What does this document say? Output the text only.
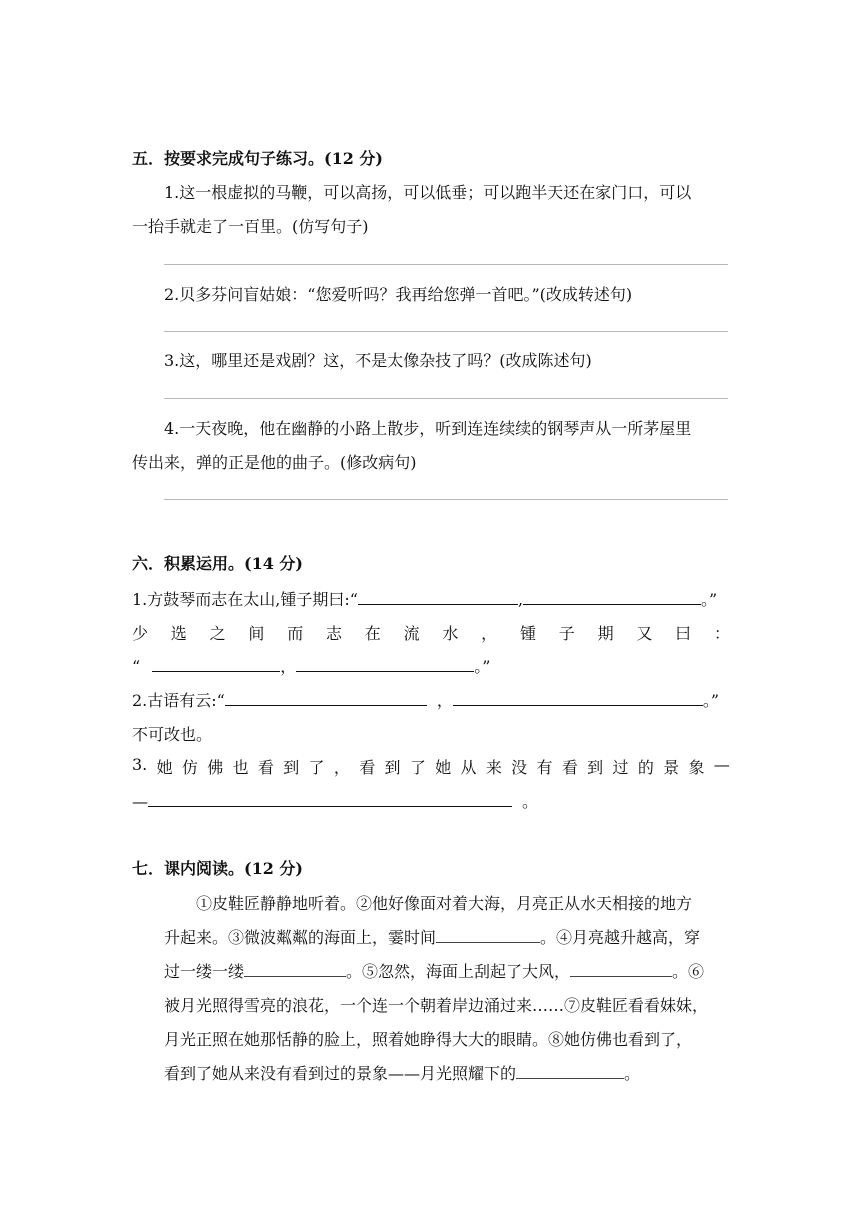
五．按要求完成句子练习。(12 分)
1.这一根虚拟的马鞭，可以高扬，可以低垂；可以跑半天还在家门口，可以
一抬手就走了一百里。(仿写句子)
2.贝多芬问盲姑娘：“您爱听吗？我再给您弹一首吧。”(改成转述句)
3.这，哪里还是戏剧？这，不是太像杂技了吗？(改成陈述句)
4.一天夜晚，他在幽静的小路上散步，听到连连续续的钢琴声从一所茅屋里
传出来，弹的正是他的曲子。(修改病句)
六．积累运用。(14 分)
1.方鼓琴而志在太山,锺子期曰:“	,	。”
少 选 之 间 而 志 在 流 水 ， 锺 子 期 又 曰 ：
“	，	。”
2.古语有云:“	，	。”
不可改也。
3. 她 仿 佛 也 看 到 了 ， 看 到 了 她 从 来 没 有 看 到 过 的 景 象 —
—	。
七．课内阅读。(12 分)
①皮鞋匠静静地听着。②他好像面对着大海，月亮正从水天相接的地方
升起来。③微波粼粼的海面上，霎时间	。④月亮越升越高，穿
过一缕一缕	。⑤忽然，海面上刮起了大风，	。⑥
被月光照得雪亮的浪花，一个连一个朝着岸边涌过来……⑦皮鞋匠看看妹妹，
月光正照在她那恬静的脸上，照着她睁得大大的眼睛。⑧她仿佛也看到了，
看到了她从来没有看到过的景象——月光照耀下的	。
